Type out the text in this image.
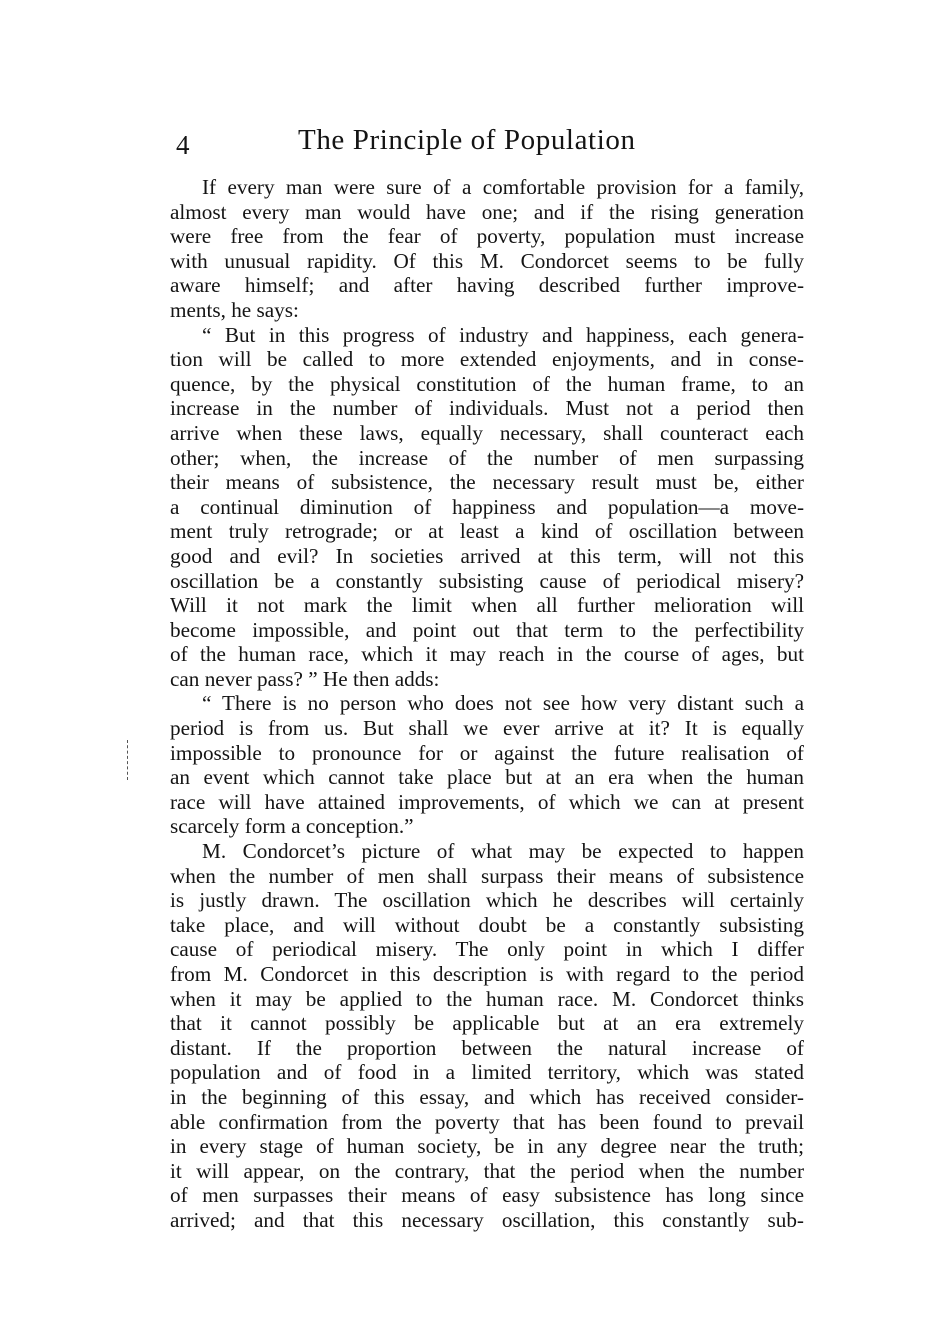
4	The Principle of Population
If every man were sure of a comfortable provision for a family,
almost every man would have one; and if the rising generation
were free from the fear of poverty, population must increase
with unusual rapidity. Of this M. Condorcet seems to be fully
aware himself; and after having described further improve-
ments, he says:
“ But in this progress of industry and happiness, each genera-
tion will be called to more extended enjoyments, and in conse-
quence, by the physical constitution of the human frame, to an
increase in the number of individuals. Must not a period then
arrive when these laws, equally necessary, shall counteract each
other; when, the increase of the number of men surpassing
their means of subsistence, the necessary result must be, either
a continual diminution of happiness and population—a move-
ment truly retrograde; or at least a kind of oscillation between
good and evil? In societies arrived at this term, will not this
oscillation be a constantly subsisting cause of periodical misery?
Will it not mark the limit when all further melioration will
become impossible, and point out that term to the perfectibility
of the human race, which it may reach in the course of ages, but
can never pass? ” He then adds:
“ There is no person who does not see how very distant such a
period is from us. But shall we ever arrive at it? It is equally
impossible to pronounce for or against the future realisation of
an event which cannot take place but at an era when the human
race will have attained improvements, of which we can at present
scarcely form a conception.”
M. Condorcet’s picture of what may be expected to happen
when the number of men shall surpass their means of subsistence
is justly drawn. The oscillation which he describes will certainly
take place, and will without doubt be a constantly subsisting
cause of periodical misery. The only point in which I differ
from M. Condorcet in this description is with regard to the period
when it may be applied to the human race. M. Condorcet thinks
that it cannot possibly be applicable but at an era extremely
distant. If the proportion between the natural increase of
population and of food in a limited territory, which was stated
in the beginning of this essay, and which has received consider-
able confirmation from the poverty that has been found to prevail
in every stage of human society, be in any degree near the truth;
it will appear, on the contrary, that the period when the number
of men surpasses their means of easy subsistence has long since
arrived; and that this necessary oscillation, this constantly sub-
